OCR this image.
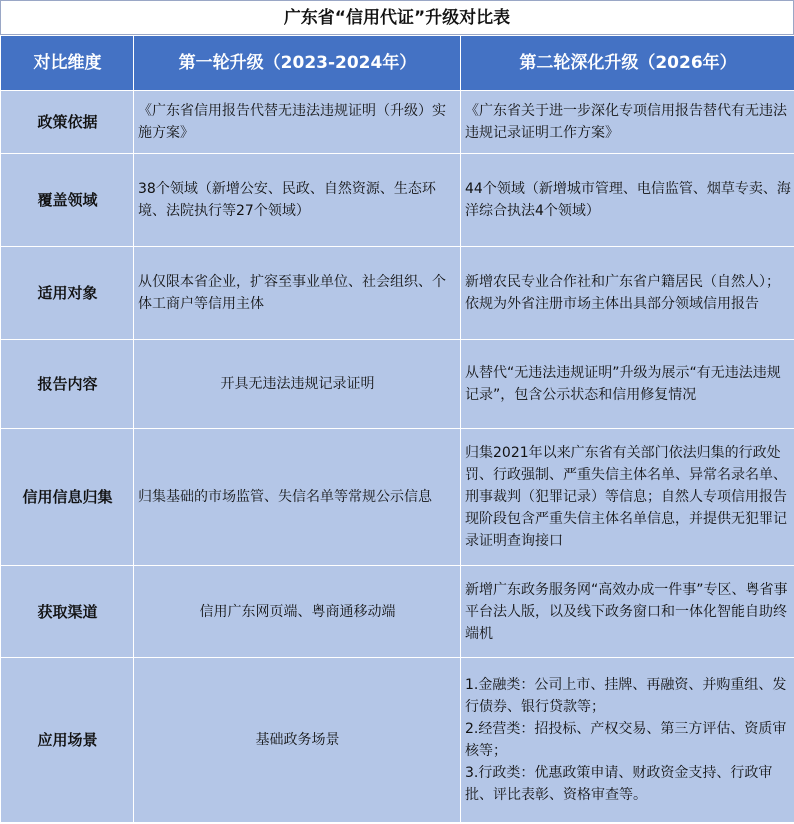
广东省“信用代证”升级对比表
对比维度	第一轮升级（2023-2024年）	第二轮深化升级（2026年）
政策依据	《广东省信用报告代替无违法违规证明（升级）实施方案》	《广东省关于进一步深化专项信用报告替代有无违法违规记录证明工作方案》
覆盖领域	38个领域（新增公安、民政、自然资源、生态环境、法院执行等27个领域）	44个领域（新增城市管理、电信监管、烟草专卖、海洋综合执法4个领域）
适用对象	从仅限本省企业，扩容至事业单位、社会组织、个体工商户等信用主体	新增农民专业合作社和广东省户籍居民（自然人）；依规为外省注册市场主体出具部分领域信用报告
报告内容	开具无违法违规记录证明	从替代“无违法违规证明”升级为展示“有无违法违规记录”，包含公示状态和信用修复情况
信用信息归集	归集基础的市场监管、失信名单等常规公示信息	归集2021年以来广东省有关部门依法归集的行政处罚、行政强制、严重失信主体名单、异常名录名单、刑事裁判（犯罪记录）等信息；自然人专项信用报告现阶段包含严重失信主体名单信息，并提供无犯罪记录证明查询接口
获取渠道	信用广东网页端、粤商通移动端	新增广东政务服务网“高效办成一件事”专区、粤省事平台法人版，以及线下政务窗口和一体化智能自助终端机
应用场景	基础政务场景	1.金融类：公司上市、挂牌、再融资、并购重组、发行债券、银行贷款等；
2.经营类：招投标、产权交易、第三方评估、资质审核等；
3.行政类：优惠政策申请、财政资金支持、行政审批、评比表彰、资格审查等。
